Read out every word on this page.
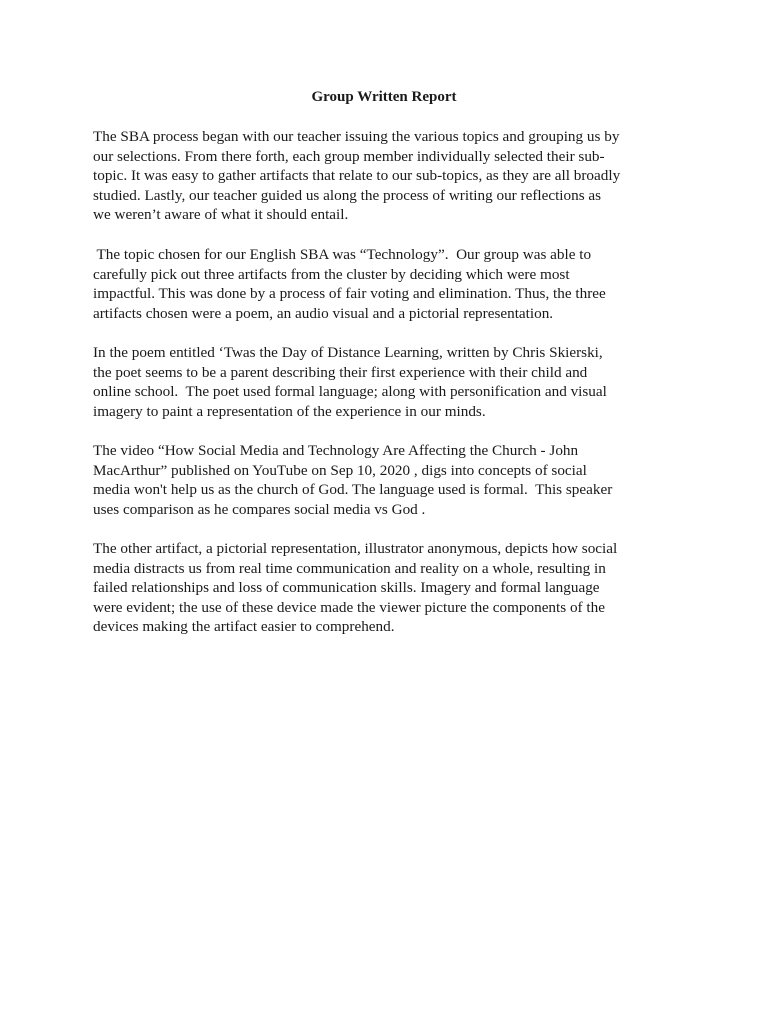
Group Written Report

The SBA process began with our teacher issuing the various topics and grouping us by
our selections. From there forth, each group member individually selected their sub-
topic. It was easy to gather artifacts that relate to our sub-topics, as they are all broadly
studied. Lastly, our teacher guided us along the process of writing our reflections as
we weren’t aware of what it should entail.

The topic chosen for our English SBA was “Technology”.  Our group was able to
carefully pick out three artifacts from the cluster by deciding which were most
impactful. This was done by a process of fair voting and elimination. Thus, the three
artifacts chosen were a poem, an audio visual and a pictorial representation.

In the poem entitled ‘Twas the Day of Distance Learning, written by Chris Skierski,
the poet seems to be a parent describing their first experience with their child and
online school.  The poet used formal language; along with personification and visual
imagery to paint a representation of the experience in our minds.

The video “How Social Media and Technology Are Affecting the Church - John
MacArthur” published on YouTube on Sep 10, 2020 , digs into concepts of social
media won't help us as the church of God. The language used is formal.  This speaker
uses comparison as he compares social media vs God .

The other artifact, a pictorial representation, illustrator anonymous, depicts how social
media distracts us from real time communication and reality on a whole, resulting in
failed relationships and loss of communication skills. Imagery and formal language
were evident; the use of these device made the viewer picture the components of the
devices making the artifact easier to comprehend.
